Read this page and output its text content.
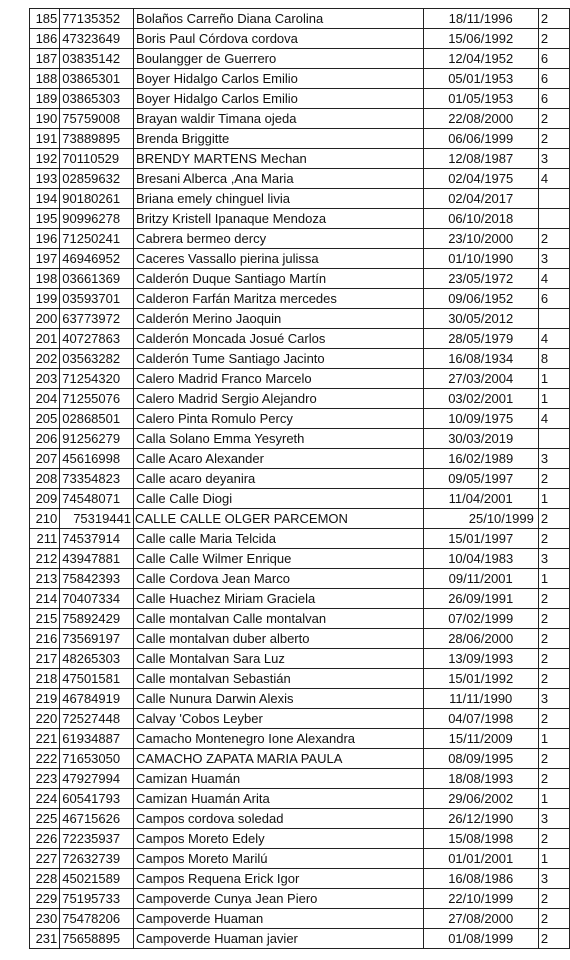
185	77135352	Bolaños Carreño Diana Carolina	18/11/1996	2
186	47323649	Boris Paul Córdova cordova	15/06/1992	2
187	03835142	Boulangger de Guerrero	12/04/1952	6
188	03865301	Boyer Hidalgo Carlos Emilio	05/01/1953	6
189	03865303	Boyer Hidalgo Carlos Emilio	01/05/1953	6
190	75759008	Brayan waldir Timana ojeda	22/08/2000	2
191	73889895	Brenda Briggitte	06/06/1999	2
192	70110529	BRENDY MARTENS Mechan	12/08/1987	3
193	02859632	Bresani Alberca ,Ana Maria	02/04/1975	4
194	90180261	Briana emely chinguel livia	02/04/2017	
195	90996278	Britzy Kristell Ipanaque Mendoza	06/10/2018	
196	71250241	Cabrera bermeo dercy	23/10/2000	2
197	46946952	Caceres Vassallo pierina julissa	01/10/1990	3
198	03661369	Calderón Duque Santiago Martín	23/05/1972	4
199	03593701	Calderon Farfán Maritza mercedes	09/06/1952	6
200	63773972	Calderón Merino Jaoquin	30/05/2012	
201	40727863	Calderón Moncada Josué Carlos	28/05/1979	4
202	03563282	Calderón Tume Santiago Jacinto	16/08/1934	8
203	71254320	Calero Madrid Franco Marcelo	27/03/2004	1
204	71255076	Calero Madrid Sergio Alejandro	03/02/2001	1
205	02868501	Calero Pinta Romulo Percy	10/09/1975	4
206	91256279	Calla Solano Emma Yesyreth	30/03/2019	
207	45616998	Calle Acaro Alexander	16/02/1989	3
208	73354823	Calle acaro deyanira	09/05/1997	2
209	74548071	Calle Calle Diogi	11/04/2001	1
210	75319441	CALLE CALLE OLGER PARCEMON	25/10/1999	2
211	74537914	Calle calle Maria Telcida	15/01/1997	2
212	43947881	Calle Calle Wilmer Enrique	10/04/1983	3
213	75842393	Calle Cordova Jean Marco	09/11/2001	1
214	70407334	Calle Huachez Miriam Graciela	26/09/1991	2
215	75892429	Calle montalvan Calle montalvan	07/02/1999	2
216	73569197	Calle montalvan duber alberto	28/06/2000	2
217	48265303	Calle Montalvan Sara Luz	13/09/1993	2
218	47501581	Calle montalvan Sebastián	15/01/1992	2
219	46784919	Calle Nunura Darwin Alexis	11/11/1990	3
220	72527448	Calvay 'Cobos Leyber	04/07/1998	2
221	61934887	Camacho Montenegro Ione Alexandra	15/11/2009	1
222	71653050	CAMACHO ZAPATA MARIA PAULA	08/09/1995	2
223	47927994	Camizan Huamán	18/08/1993	2
224	60541793	Camizan Huamán Arita	29/06/2002	1
225	46715626	Campos cordova soledad	26/12/1990	3
226	72235937	Campos Moreto Edely	15/08/1998	2
227	72632739	Campos Moreto Marilú	01/01/2001	1
228	45021589	Campos Requena Erick Igor	16/08/1986	3
229	75195733	Campoverde Cunya Jean Piero	22/10/1999	2
230	75478206	Campoverde Huaman	27/08/2000	2
231	75658895	Campoverde Huaman javier	01/08/1999	2
